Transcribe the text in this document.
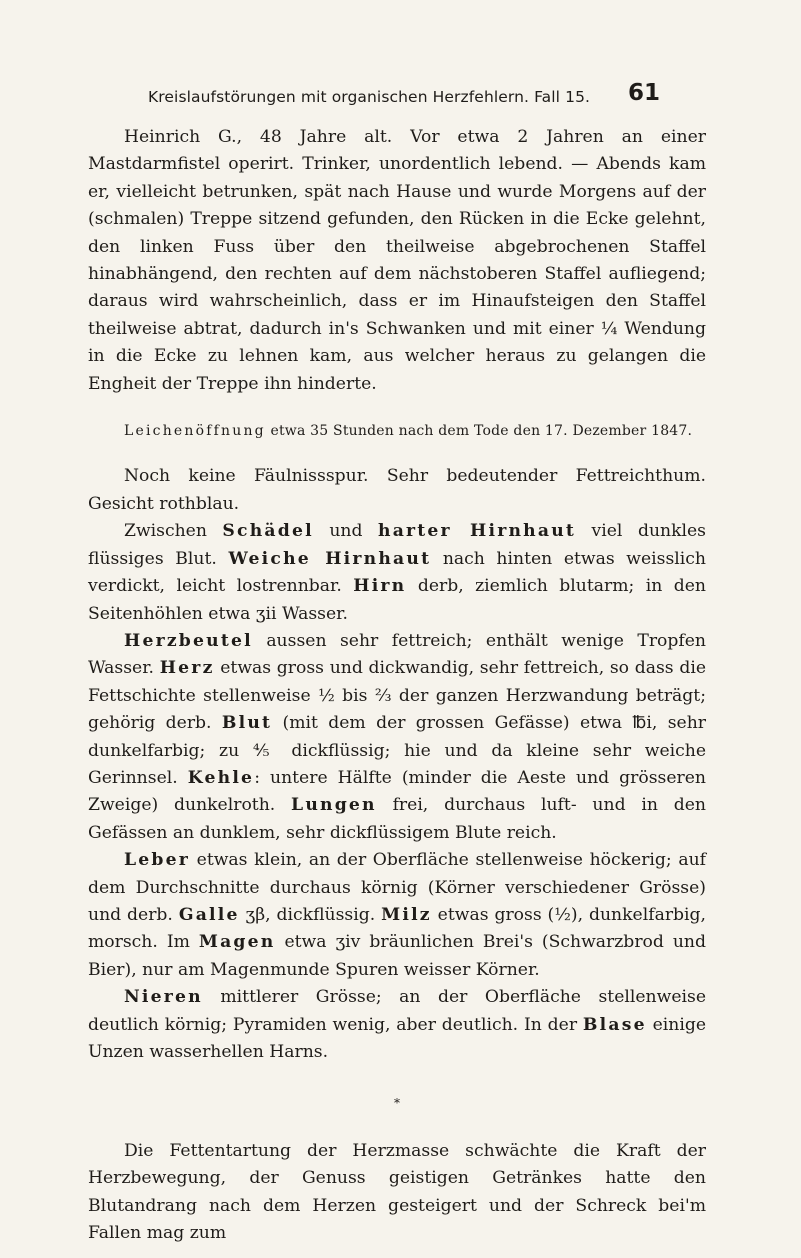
Kreislaufstörungen mit organischen Herzfehlern. Fall 15. 61

Heinrich G., 48 Jahre alt. Vor etwa 2 Jahren an einer Mastdarmfistel operirt. Trinker, unordentlich lebend. — Abends kam er, vielleicht betrunken, spät nach Hause und wurde Morgens auf der (schmalen) Treppe sitzend gefunden, den Rücken in die Ecke gelehnt, den linken Fuss über den theilweise abgebrochenen Staffel hinabhängend, den rechten auf dem nächstoberen Staffel aufliegend; daraus wird wahrscheinlich, dass er im Hinaufsteigen den Staffel theilweise abtrat, dadurch in's Schwanken und mit einer ¼ Wendung in die Ecke zu lehnen kam, aus welcher heraus zu gelangen die Engheit der Treppe ihn hinderte.

Leichenöffnung etwa 35 Stunden nach dem Tode den 17. Dezember 1847.

Noch keine Fäulnissspur. Sehr bedeutender Fettreichthum. Gesicht rothblau.

Zwischen Schädel und harter Hirnhaut viel dunkles flüssiges Blut. Weiche Hirnhaut nach hinten etwas weisslich verdickt, leicht lostrennbar. Hirn derb, ziemlich blutarm; in den Seitenhöhlen etwa ʒii Wasser.

Herzbeutel aussen sehr fettreich; enthält wenige Tropfen Wasser. Herz etwas gross und dickwandig, sehr fettreich, so dass die Fettschichte stellenweise ½ bis ⅔ der ganzen Herzwandung beträgt; gehörig derb. Blut (mit dem der grossen Gefässe) etwa ℔i, sehr dunkelfarbig; zu ⅘ dickflüssig; hie und da kleine sehr weiche Gerinnsel. Kehle: untere Hälfte (minder die Aeste und grösseren Zweige) dunkelroth. Lungen frei, durchaus luft- und in den Gefässen an dunklem, sehr dickflüssigem Blute reich.

Leber etwas klein, an der Oberfläche stellenweise höckerig; auf dem Durchschnitte durchaus körnig (Körner verschiedener Grösse) und derb. Galle ʒβ, dickflüssig. Milz etwas gross (½), dunkelfarbig, morsch. Im Magen etwa ʒiv bräunlichen Brei's (Schwarzbrod und Bier), nur am Magenmunde Spuren weisser Körner.

Nieren mittlerer Grösse; an der Oberfläche stellenweise deutlich körnig; Pyramiden wenig, aber deutlich. In der Blase einige Unzen wasserhellen Harns.

*

Die Fettentartung der Herzmasse schwächte die Kraft der Herzbewegung, der Genuss geistigen Getränkes hatte den Blutandrang nach dem Herzen gesteigert und der Schreck bei'm Fallen mag zum
